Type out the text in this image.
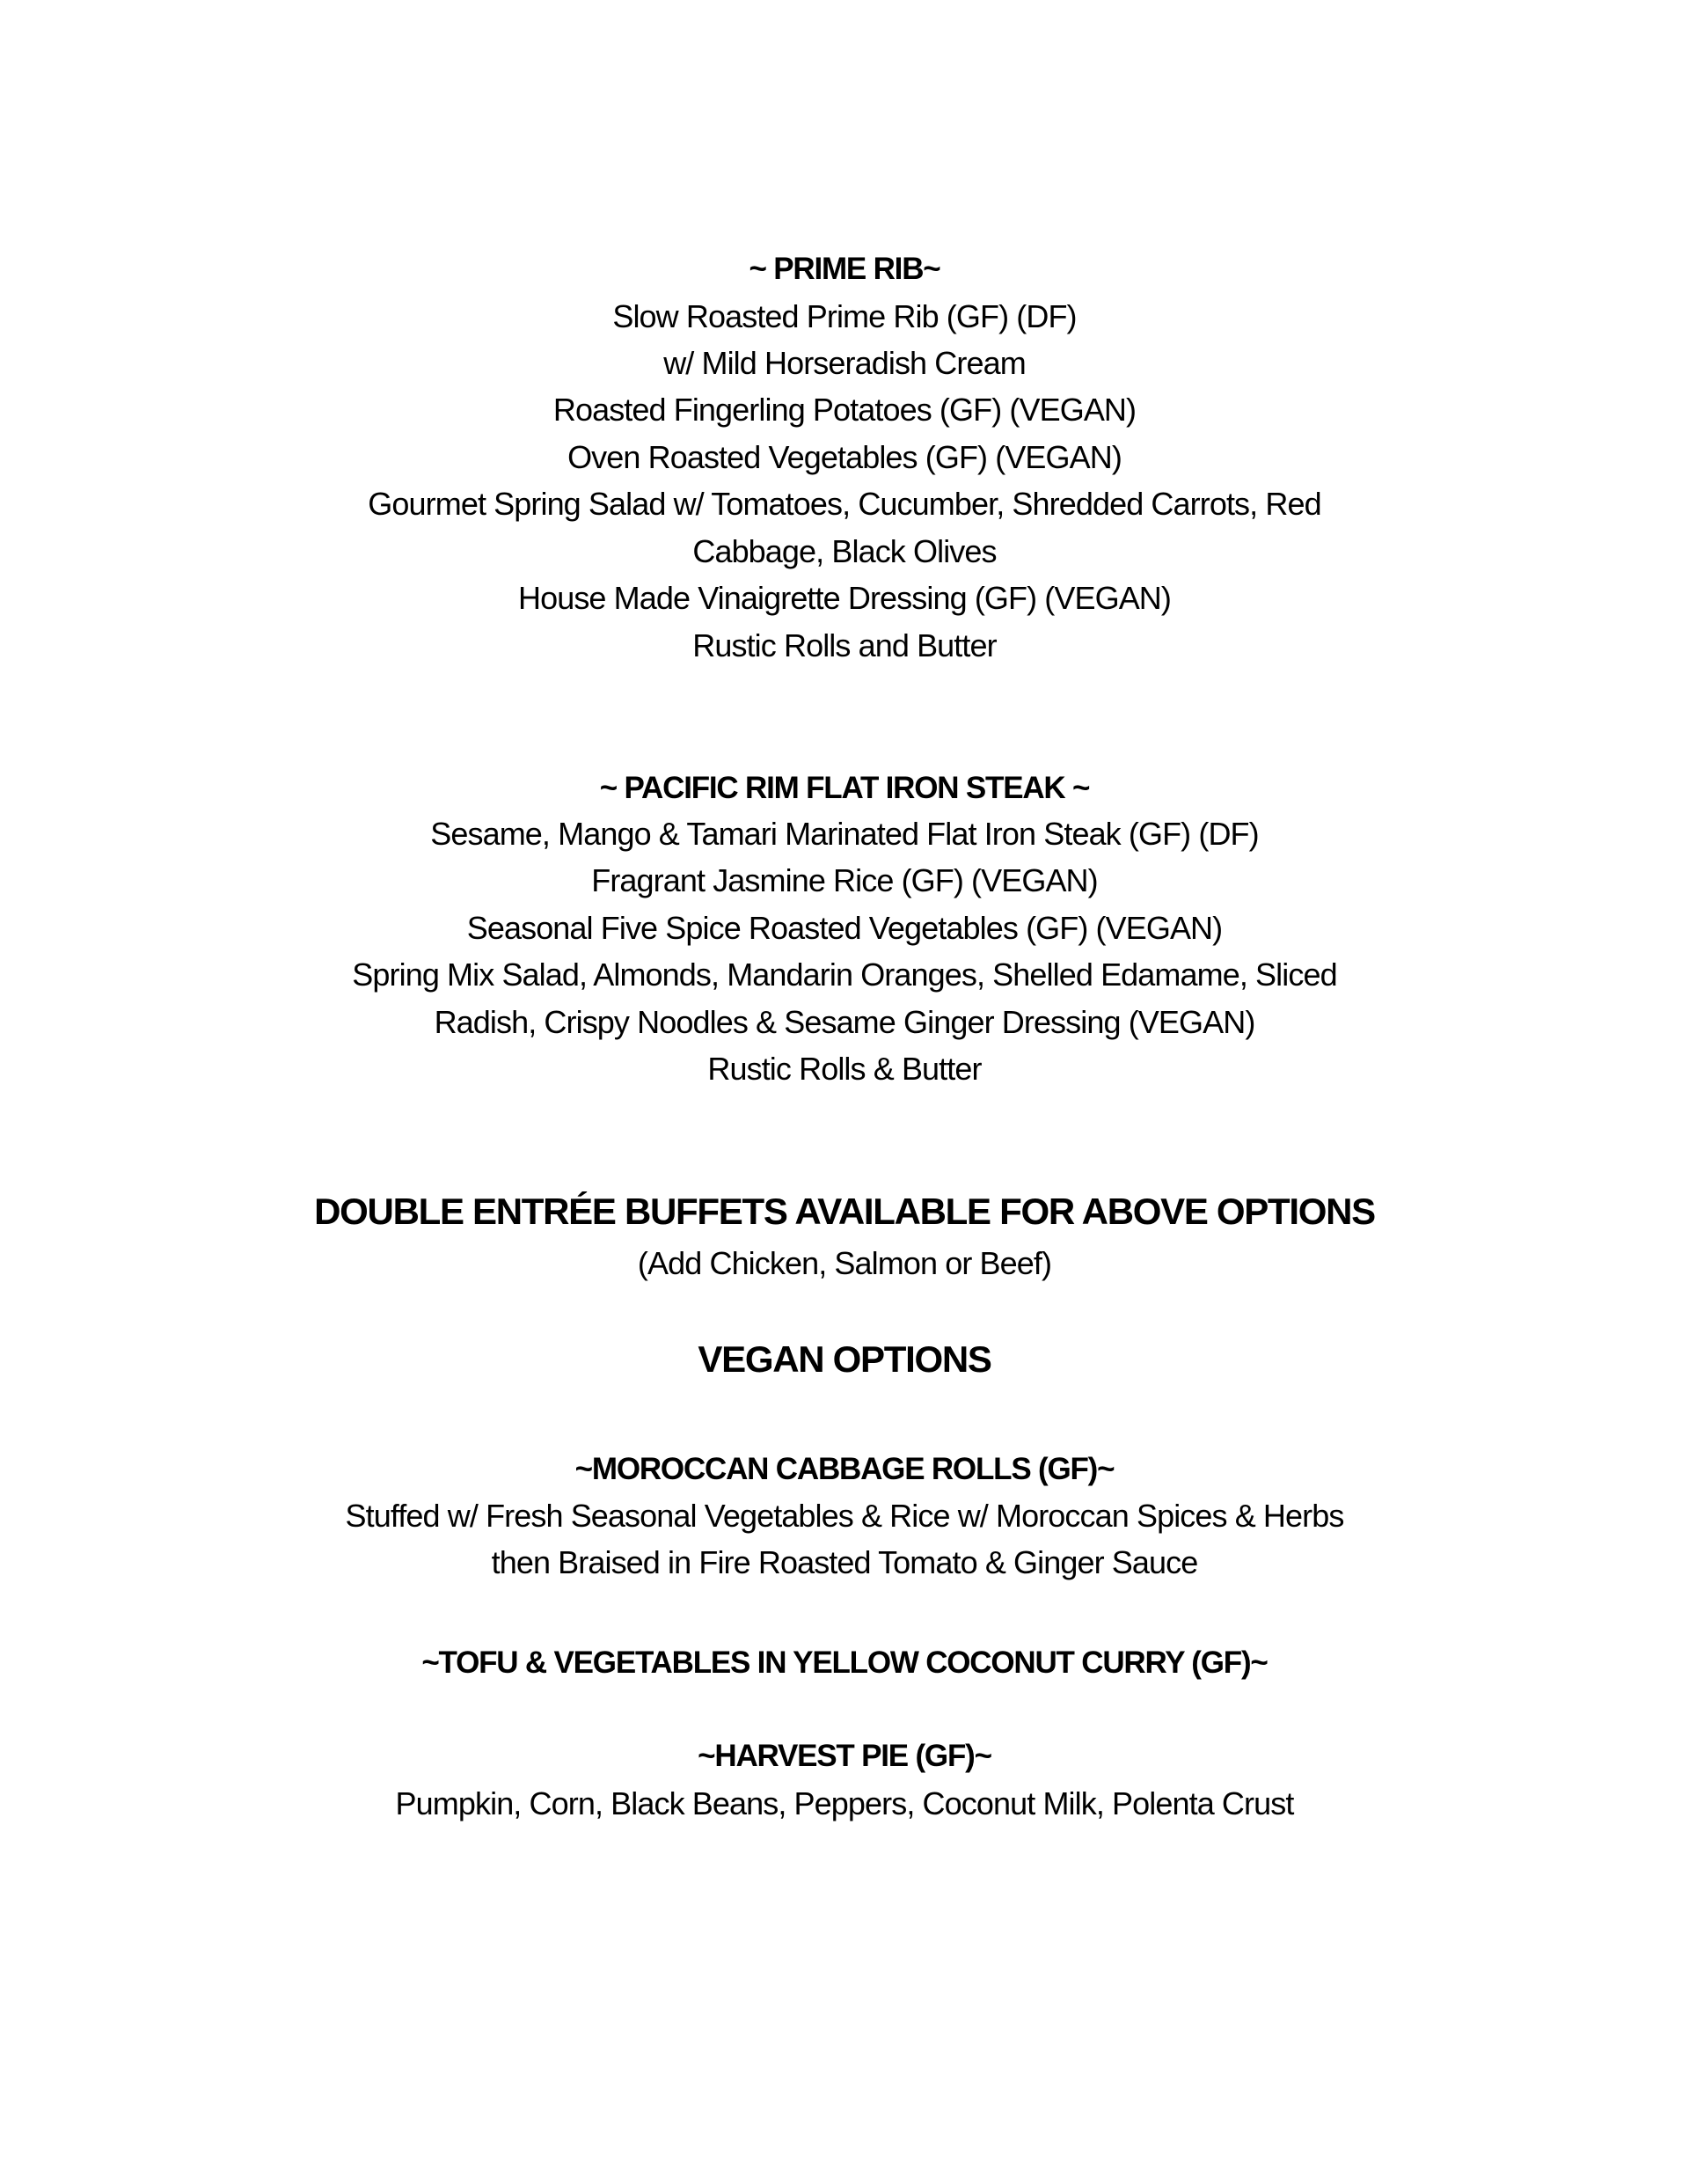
~ PRIME RIB~
Slow Roasted Prime Rib (GF) (DF)
w/ Mild Horseradish Cream
Roasted Fingerling Potatoes (GF) (VEGAN)
Oven Roasted Vegetables (GF) (VEGAN)
Gourmet Spring Salad w/ Tomatoes, Cucumber, Shredded Carrots, Red
Cabbage, Black Olives
House Made Vinaigrette Dressing (GF) (VEGAN)
Rustic Rolls and Butter
~ PACIFIC RIM FLAT IRON STEAK ~
Sesame, Mango & Tamari Marinated Flat Iron Steak (GF) (DF)
Fragrant Jasmine Rice (GF) (VEGAN)
Seasonal Five Spice Roasted Vegetables (GF) (VEGAN)
Spring Mix Salad, Almonds, Mandarin Oranges, Shelled Edamame, Sliced
Radish, Crispy Noodles & Sesame Ginger Dressing (VEGAN)
Rustic Rolls & Butter
DOUBLE ENTRÉE BUFFETS AVAILABLE FOR ABOVE OPTIONS
(Add Chicken, Salmon or Beef)
VEGAN OPTIONS
~MOROCCAN CABBAGE ROLLS (GF)~
Stuffed w/ Fresh Seasonal Vegetables & Rice w/ Moroccan Spices & Herbs
then Braised in Fire Roasted Tomato & Ginger Sauce
~TOFU & VEGETABLES IN YELLOW COCONUT CURRY (GF)~
~HARVEST PIE (GF)~
Pumpkin, Corn, Black Beans, Peppers, Coconut Milk, Polenta Crust
